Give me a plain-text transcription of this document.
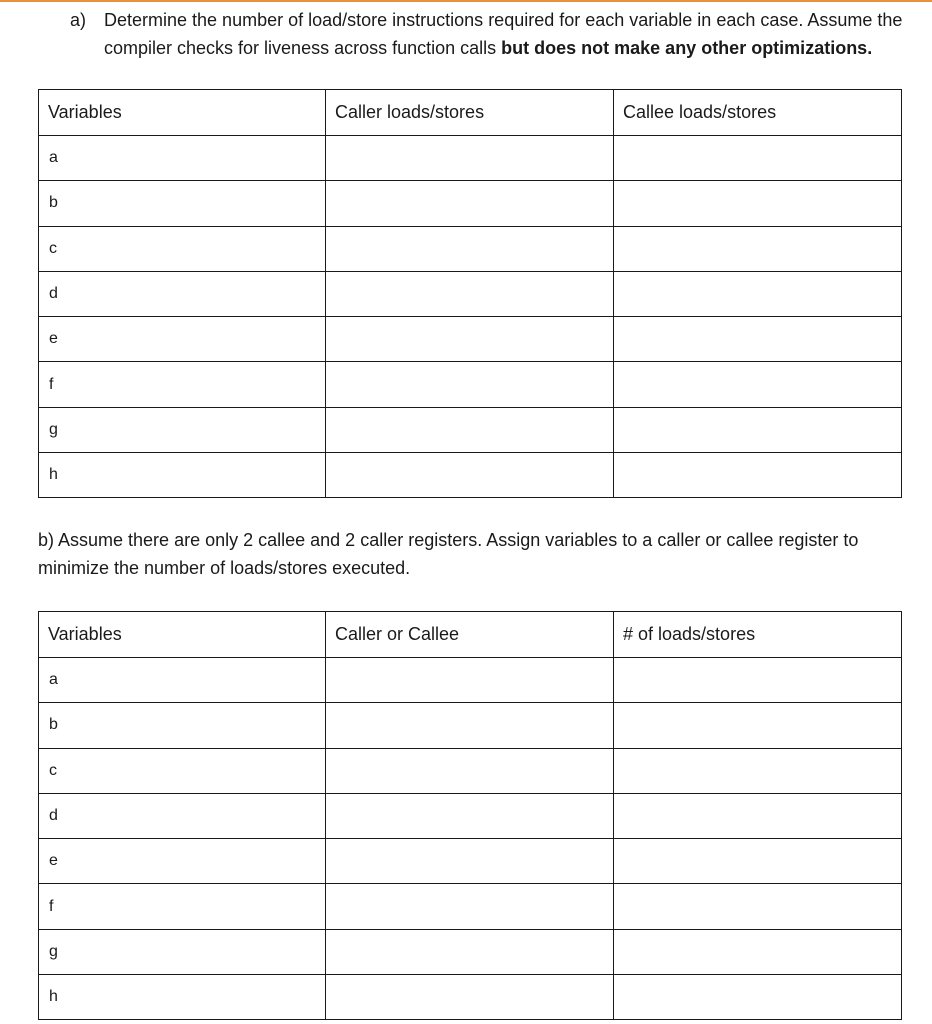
a) Determine the number of load/store instructions required for each variable in each case. Assume the compiler checks for liveness across function calls but does not make any other optimizations.
Variables	Caller loads/stores	Callee loads/stores
a		
b		
c		
d		
e		
f		
g		
h		
b) Assume there are only 2 callee and 2 caller registers. Assign variables to a caller or callee register to minimize the number of loads/stores executed.
Variables	Caller or Callee	# of loads/stores
a		
b		
c		
d		
e		
f		
g		
h		
